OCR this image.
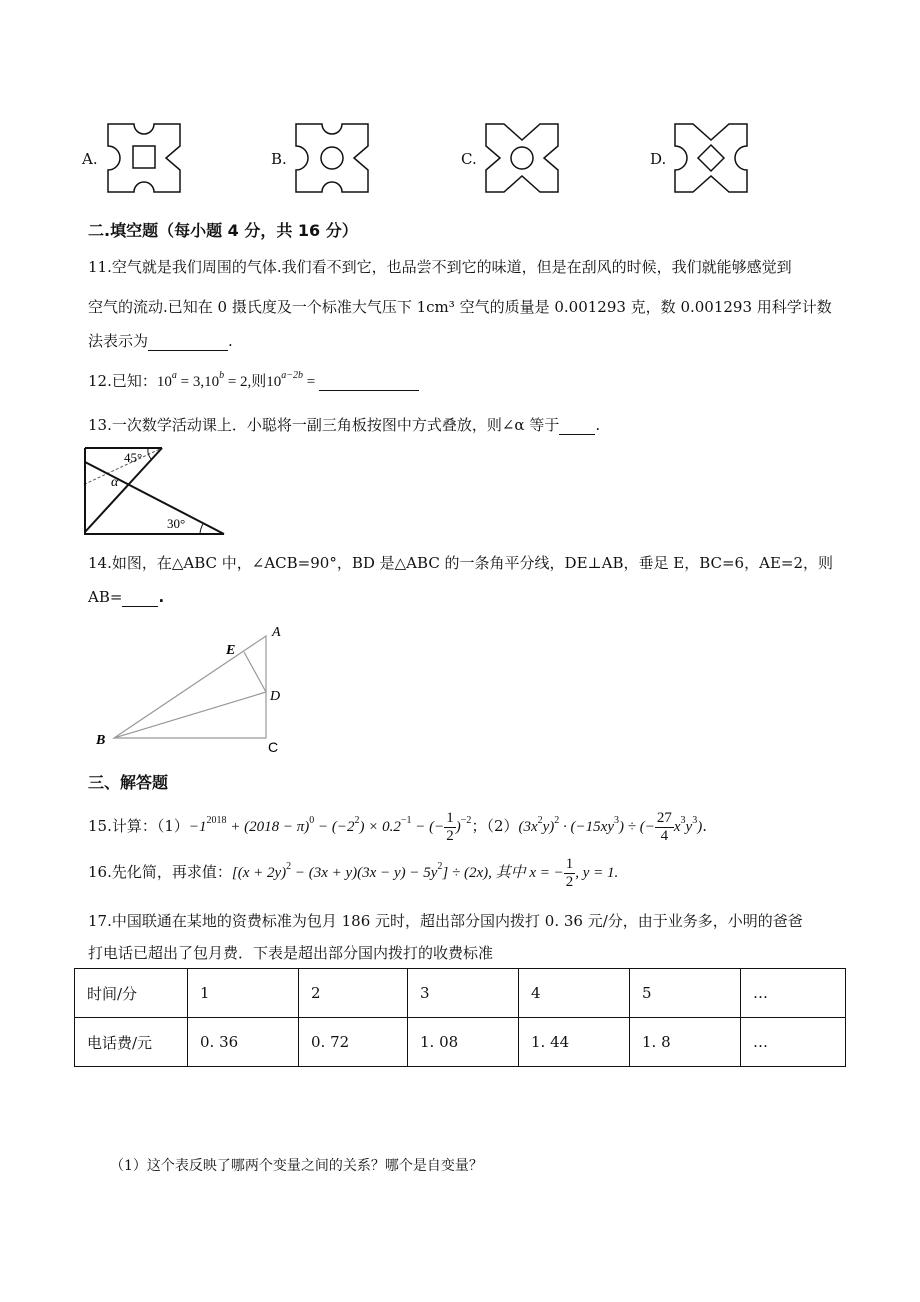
A.	B.	C.	D.
二.填空题（每小题 4 分，共 16 分）
11.空气就是我们周围的气体.我们看不到它，也品尝不到它的味道，但是在刮风的时候，我们就能够感觉到
空气的流动.已知在 0 摄氏度及一个标准大气压下 1cm³ 空气的质量是 0.001293 克，数 0.001293 用科学计数
法表示为	.
12.已知：$10^a = 3,10^b = 2$,则$10^{a-2b}$ =
13.一次数学活动课上．小聪将一副三角板按图中方式叠放，则∠α 等于 .
45°
30°
α
14.如图，在△ABC 中，∠ACB=90°，BD 是△ABC 的一条角平分线，DE⊥AB，垂足 E，BC=6，AE=2，则
AB= .
A
E
D
B	C
三、解答题
15.计算：$(1)-1^{2018} + (2018 - \pi)^0 - (-2^2) \times 0.2^{-1}$ − (− $\frac{1}{2} )^{-2}$；$(2)(3x^2y)^2 \cdot (-15xy^3)$ ÷ (− $\frac{27}{4} x^3y^3$).
16.先化简，再求值：$[(x + 2y)^2 - (3x + y)(3x - y) - 5y^2] \div (2x)$, 其中 x = − $\frac{1}{2}$ , y = 1.
17.中国联通在某地的资费标准为包月 186 元时，超出部分国内拨打 0. 36 元/分，由于业务多，小明的爸爸
打电话已超出了包月费．下表是超出部分国内拨打的收费标准
时间/分	1	2	3	4	5	…
电话费/元	0. 36	0. 72	1. 08	1. 44	1. 8	…
（1）这个表反映了哪两个变量之间的关系？哪个是自变量？
